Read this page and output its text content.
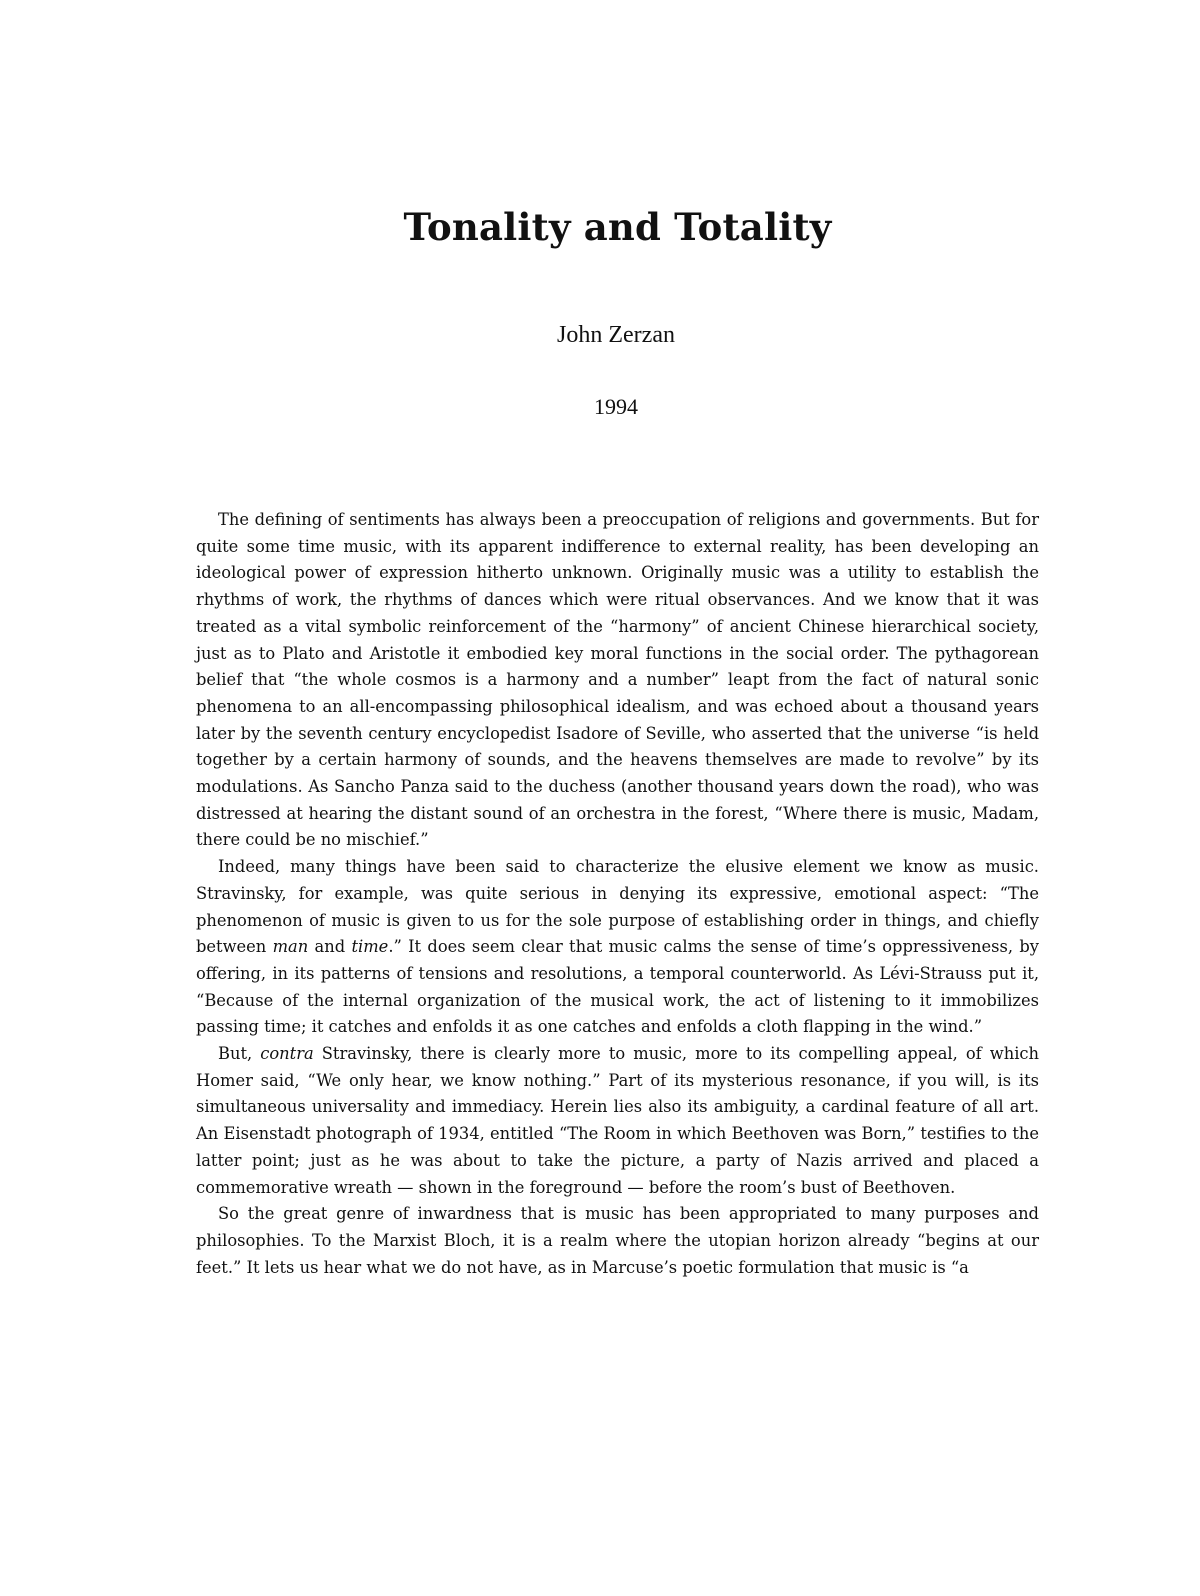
Tonality and Totality
John Zerzan
1994

The defining of sentiments has always been a preoccupation of religions and governments. But for quite some time music, with its apparent indifference to external reality, has been developing an ideological power of expression hitherto unknown. Originally music was a utility to establish the rhythms of work, the rhythms of dances which were ritual observances. And we know that it was treated as a vital symbolic reinforcement of the “harmony” of ancient Chinese hierarchical society, just as to Plato and Aristotle it embodied key moral functions in the social order. The pythagorean belief that “the whole cosmos is a harmony and a number” leapt from the fact of natural sonic phenomena to an all-encompassing philosophical idealism, and was echoed about a thousand years later by the seventh century encyclopedist Isadore of Seville, who asserted that the universe “is held together by a certain harmony of sounds, and the heavens themselves are made to revolve” by its modulations. As Sancho Panza said to the duchess (another thousand years down the road), who was distressed at hearing the distant sound of an orchestra in the forest, “Where there is music, Madam, there could be no mischief.”

Indeed, many things have been said to characterize the elusive element we know as music. Stravinsky, for example, was quite serious in denying its expressive, emotional aspect: “The phenomenon of music is given to us for the sole purpose of establishing order in things, and chiefly between man and time.” It does seem clear that music calms the sense of time’s oppressiveness, by offering, in its patterns of tensions and resolutions, a temporal counterworld. As Lévi-Strauss put it, “Because of the internal organization of the musical work, the act of listening to it immobilizes passing time; it catches and enfolds it as one catches and enfolds a cloth flapping in the wind.”

But, contra Stravinsky, there is clearly more to music, more to its compelling appeal, of which Homer said, “We only hear, we know nothing.” Part of its mysterious resonance, if you will, is its simultaneous universality and immediacy. Herein lies also its ambiguity, a cardinal feature of all art. An Eisenstadt photograph of 1934, entitled “The Room in which Beethoven was Born,” testifies to the latter point; just as he was about to take the picture, a party of Nazis arrived and placed a commemorative wreath — shown in the foreground — before the room’s bust of Beethoven.

So the great genre of inwardness that is music has been appropriated to many purposes and philosophies. To the Marxist Bloch, it is a realm where the utopian horizon already “begins at our feet.” It lets us hear what we do not have, as in Marcuse’s poetic formulation that music is “a
